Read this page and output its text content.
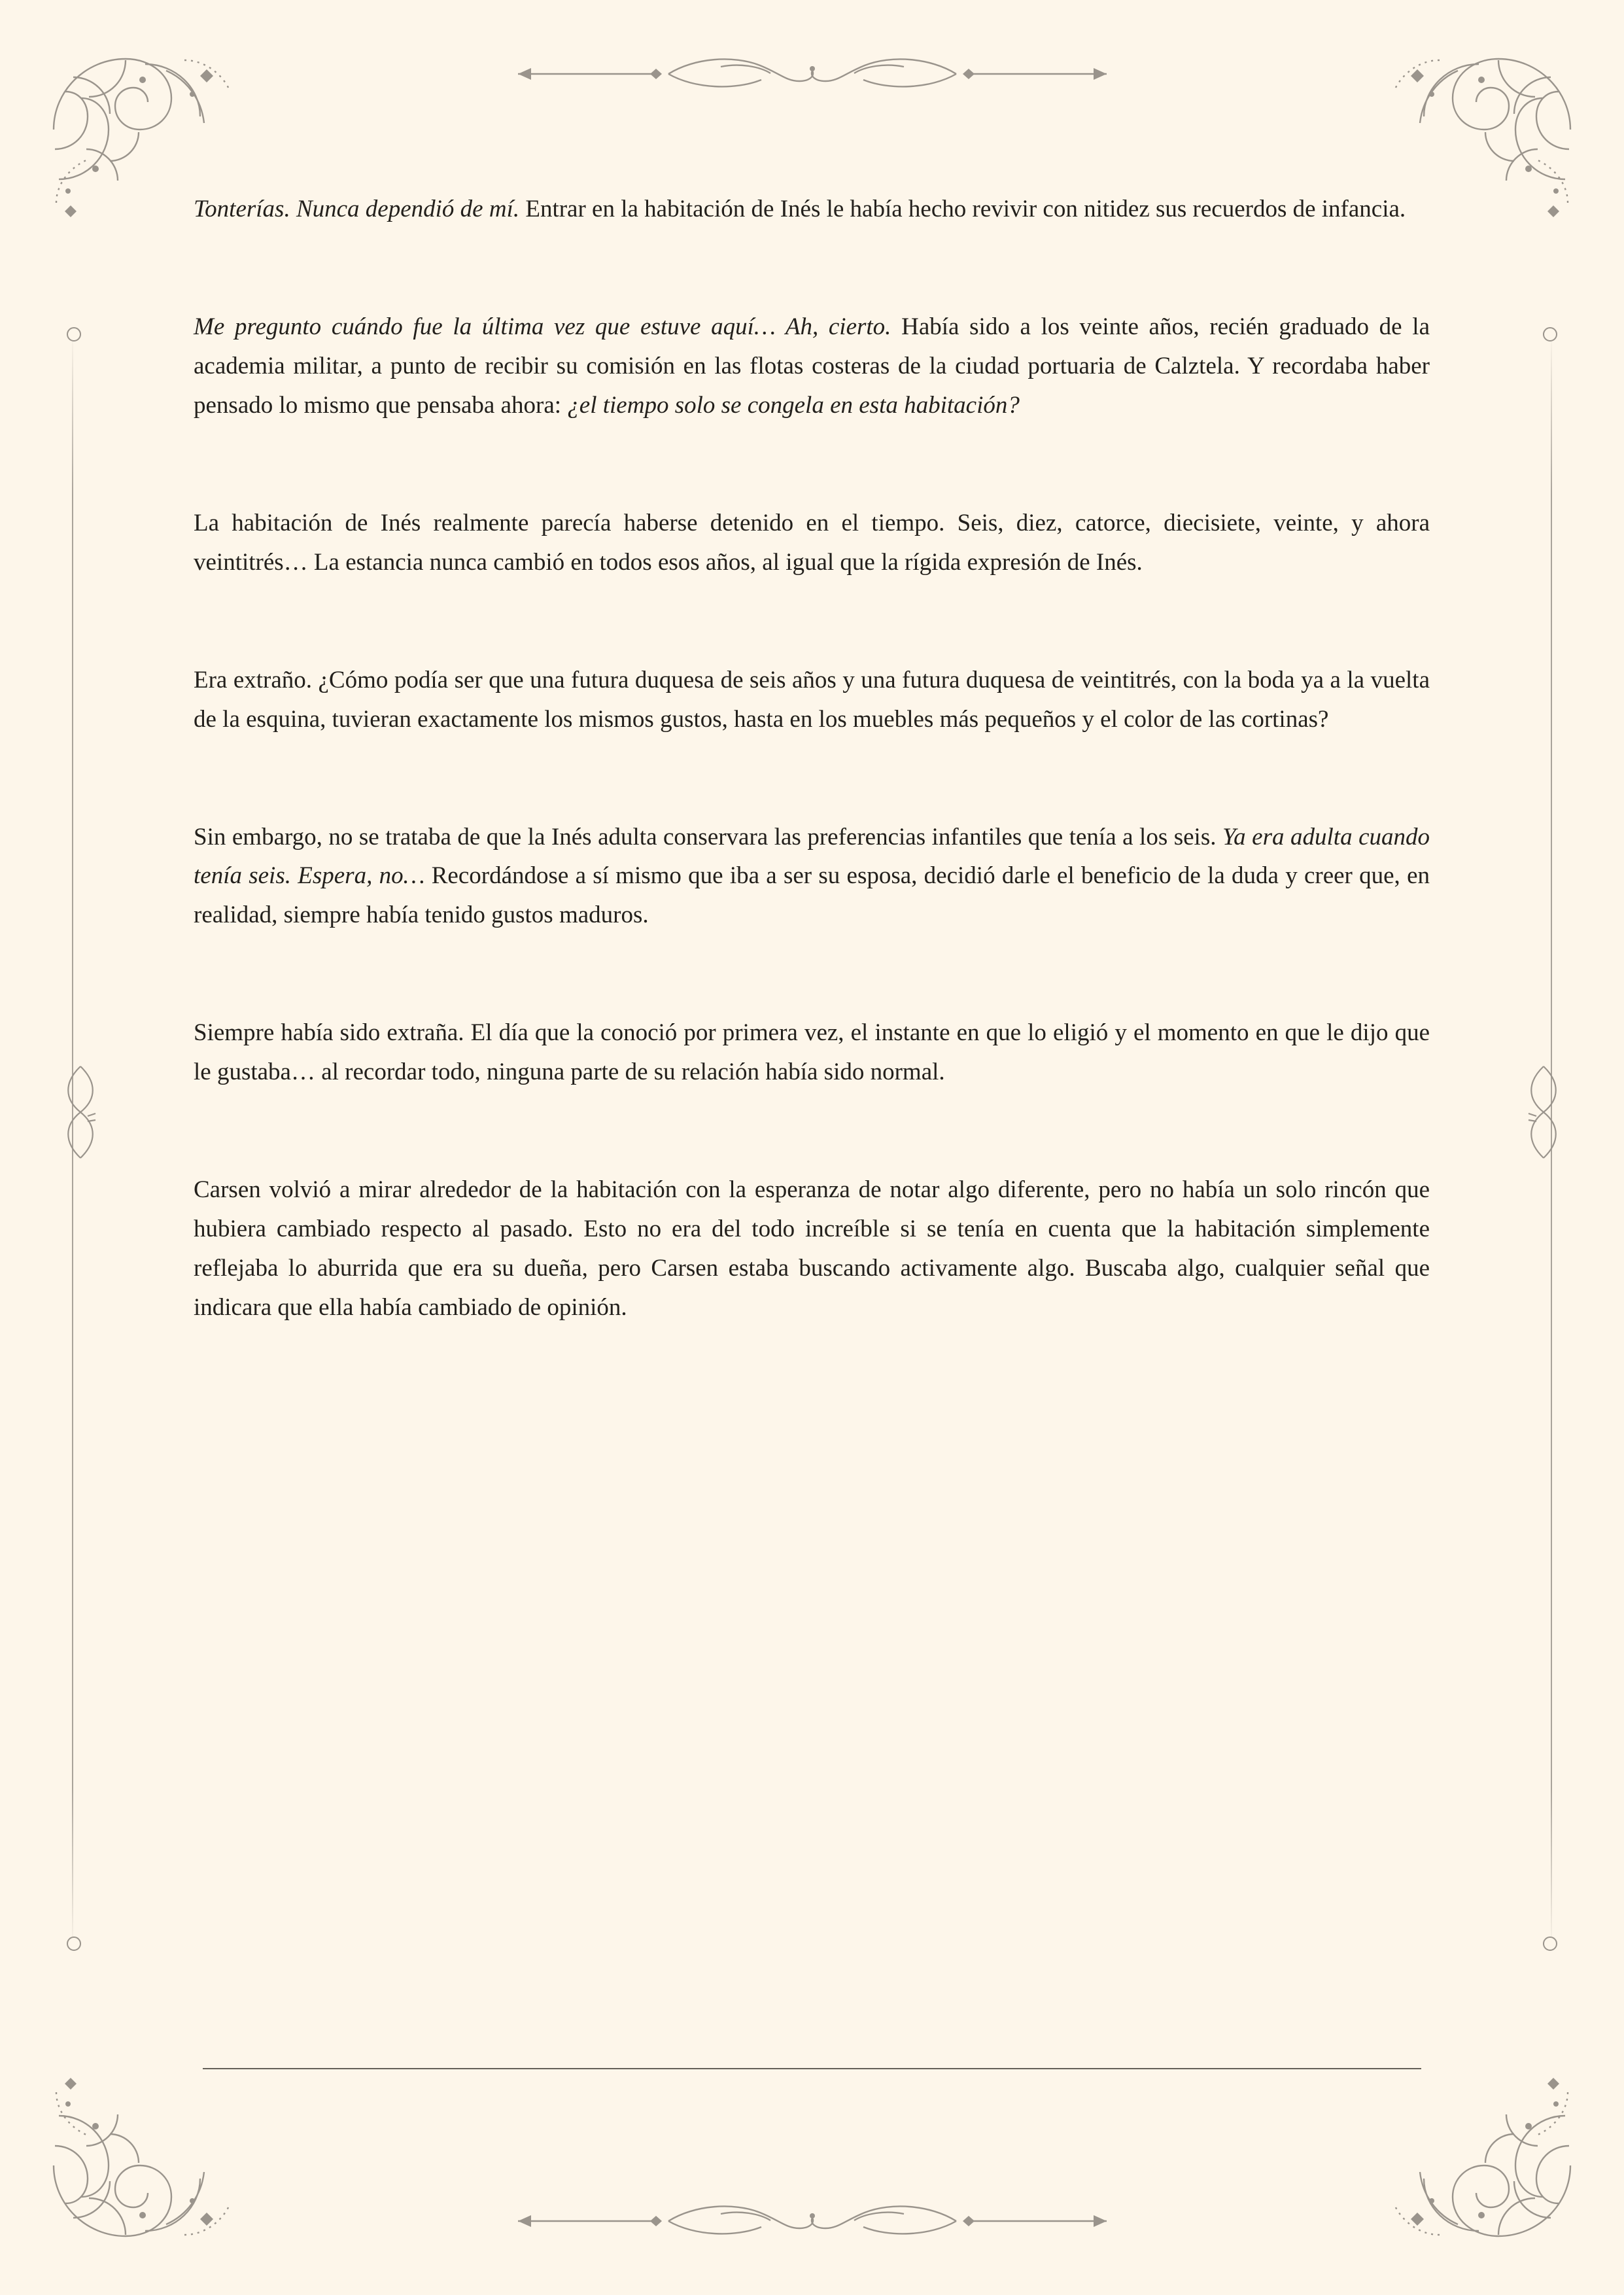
Tonterías. Nunca dependió de mí. Entrar en la habitación de Inés le había hecho revivir con nitidez sus recuerdos de infancia.

Me pregunto cuándo fue la última vez que estuve aquí… Ah, cierto. Había sido a los veinte años, recién graduado de la academia militar, a punto de recibir su comisión en las flotas costeras de la ciudad portuaria de Calztela. Y recordaba haber pensado lo mismo que pensaba ahora: ¿el tiempo solo se congela en esta habitación?

La habitación de Inés realmente parecía haberse detenido en el tiempo. Seis, diez, catorce, diecisiete, veinte, y ahora veintitrés… La estancia nunca cambió en todos esos años, al igual que la rígida expresión de Inés.

Era extraño. ¿Cómo podía ser que una futura duquesa de seis años y una futura duquesa de veintitrés, con la boda ya a la vuelta de la esquina, tuvieran exactamente los mismos gustos, hasta en los muebles más pequeños y el color de las cortinas?

Sin embargo, no se trataba de que la Inés adulta conservara las preferencias infantiles que tenía a los seis. Ya era adulta cuando tenía seis. Espera, no… Recordándose a sí mismo que iba a ser su esposa, decidió darle el beneficio de la duda y creer que, en realidad, siempre había tenido gustos maduros.

Siempre había sido extraña. El día que la conoció por primera vez, el instante en que lo eligió y el momento en que le dijo que le gustaba… al recordar todo, ninguna parte de su relación había sido normal.

Carsen volvió a mirar alrededor de la habitación con la esperanza de notar algo diferente, pero no había un solo rincón que hubiera cambiado respecto al pasado. Esto no era del todo increíble si se tenía en cuenta que la habitación simplemente reflejaba lo aburrida que era su dueña, pero Carsen estaba buscando activamente algo. Buscaba algo, cualquier señal que indicara que ella había cambiado de opinión.
